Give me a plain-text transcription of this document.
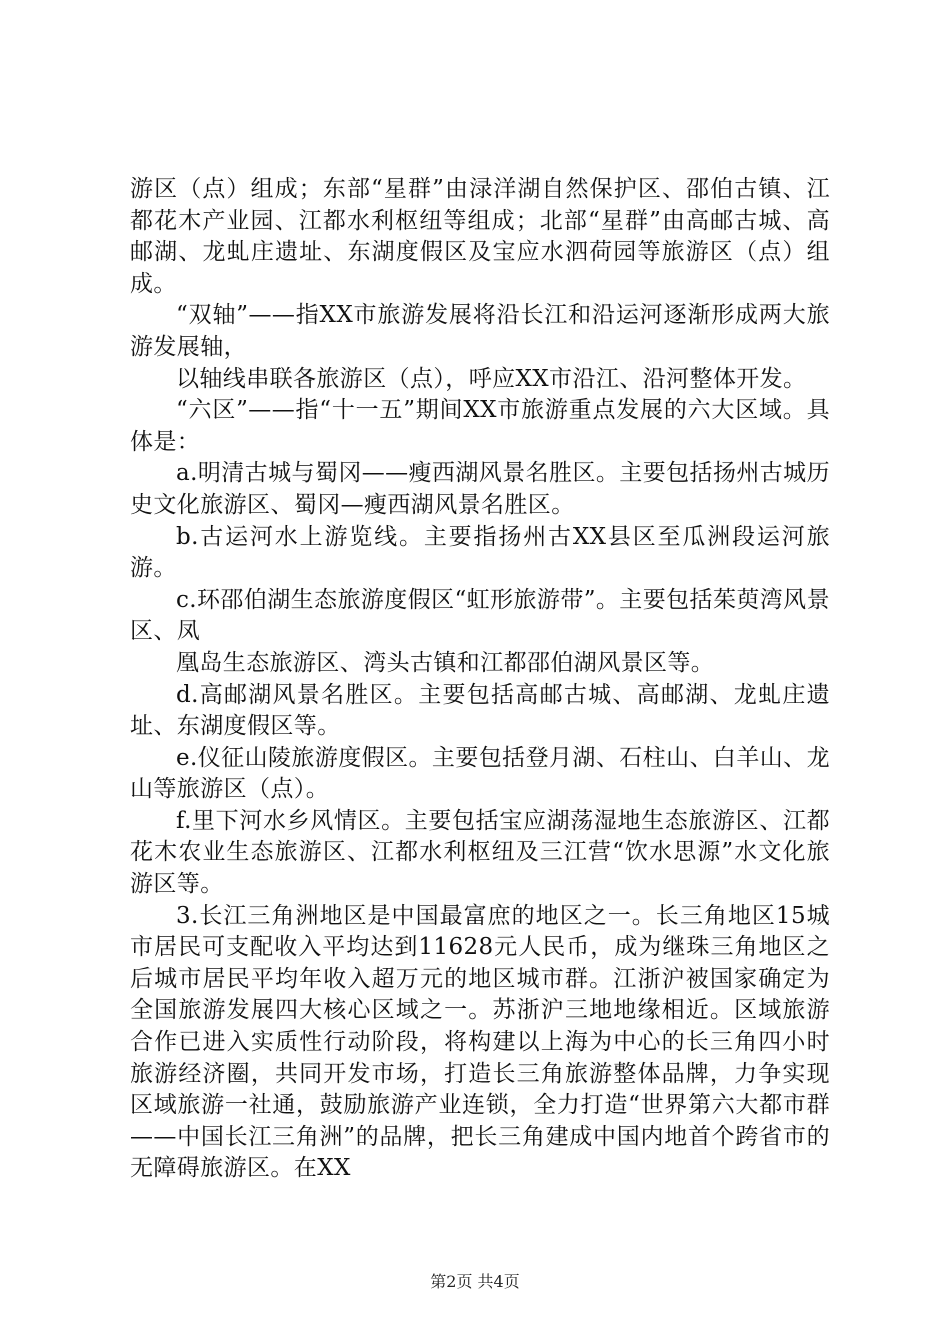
游区（点）组成；东部“星群”由渌洋湖自然保护区、邵伯古镇、江都花木产业园、江都水利枢纽等组成；北部“星群”由高邮古城、高邮湖、龙虬庄遗址、东湖度假区及宝应水泗荷园等旅游区（点）组成。

“双轴”——指XX市旅游发展将沿长江和沿运河逐渐形成两大旅游发展轴，

以轴线串联各旅游区（点），呼应XX市沿江、沿河整体开发。

“六区”——指“十一五”期间XX市旅游重点发展的六大区域。具体是：

a.明清古城与蜀冈——瘦西湖风景名胜区。主要包括扬州古城历史文化旅游区、蜀冈—瘦西湖风景名胜区。

b.古运河水上游览线。主要指扬州古XX县区至瓜洲段运河旅游。

c.环邵伯湖生态旅游度假区“虹形旅游带”。主要包括茱萸湾风景区、凤

凰岛生态旅游区、湾头古镇和江都邵伯湖风景区等。

d.高邮湖风景名胜区。主要包括高邮古城、高邮湖、龙虬庄遗址、东湖度假区等。

e.仪征山陵旅游度假区。主要包括登月湖、石柱山、白羊山、龙山等旅游区（点）。

f.里下河水乡风情区。主要包括宝应湖荡湿地生态旅游区、江都花木农业生态旅游区、江都水利枢纽及三江营“饮水思源”水文化旅游区等。

3.长江三角洲地区是中国最富庶的地区之一。长三角地区15城市居民可支配收入平均达到11628元人民币，成为继珠三角地区之后城市居民平均年收入超万元的地区城市群。江浙沪被国家确定为全国旅游发展四大核心区域之一。苏浙沪三地地缘相近。区域旅游合作已进入实质性行动阶段，将构建以上海为中心的长三角四小时旅游经济圈，共同开发市场，打造长三角旅游整体品牌，力争实现区域旅游一社通，鼓励旅游产业连锁，全力打造“世界第六大都市群——中国长江三角洲”的品牌，把长三角建成中国内地首个跨省市的无障碍旅游区。在XX

第2页 共4页
